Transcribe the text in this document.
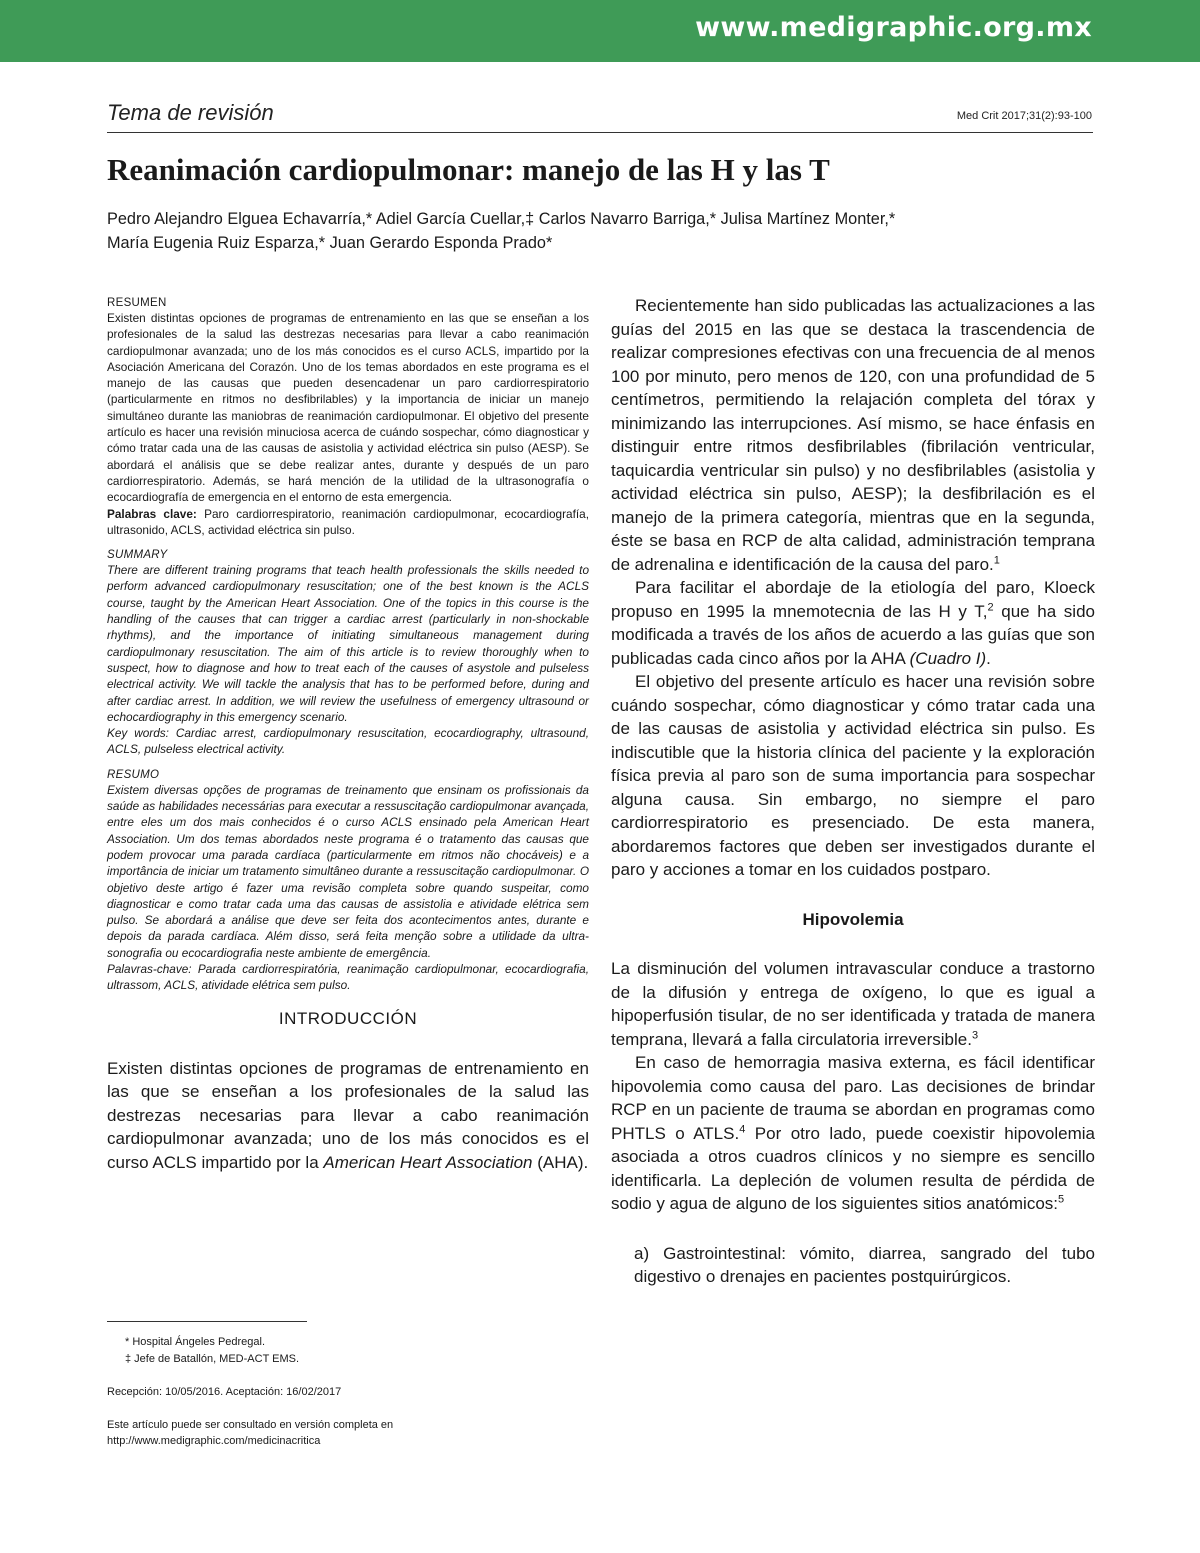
www.medigraphic.org.mx
Tema de revisión	Med Crit 2017;31(2):93-100
Reanimación cardiopulmonar: manejo de las H y las T
Pedro Alejandro Elguea Echavarría,* Adiel García Cuellar,‡ Carlos Navarro Barriga,* Julisa Martínez Monter,*
María Eugenia Ruiz Esparza,* Juan Gerardo Esponda Prado*
RESUMEN
Existen distintas opciones de programas de entrenamiento en las que se enseñan a los profesionales de la salud las destrezas necesarias para llevar a cabo reanimación cardiopulmonar avanzada; uno de los más conocidos es el curso ACLS, impartido por la Asociación Americana del Corazón. Uno de los temas abordados en este programa es el manejo de las causas que pueden desencadenar un paro cardiorrespiratorio (particularmente en ritmos no desfibrilables) y la importancia de iniciar un manejo simultáneo durante las maniobras de reanimación cardiopulmonar. El objetivo del presente artículo es hacer una revisión minuciosa acerca de cuándo sospechar, cómo diagnosticar y cómo tratar cada una de las causas de asistolia y actividad eléctrica sin pulso (AESP). Se abordará el análisis que se debe realizar antes, durante y después de un paro cardiorrespiratorio. Además, se hará mención de la utilidad de la ultrasonografía o ecocardiografía de emergencia en el entorno de esta emergencia.
Palabras clave: Paro cardiorrespiratorio, reanimación cardiopulmonar, ecocardiografía, ultrasonido, ACLS, actividad eléctrica sin pulso.
SUMMARY
There are different training programs that teach health professionals the skills needed to perform advanced cardiopulmonary resuscitation; one of the best known is the ACLS course, taught by the American Heart Association. One of the topics in this course is the handling of the causes that can trigger a cardiac arrest (particularly in non-shockable rhythms), and the importance of initiating simultaneous management during cardiopulmonary resuscitation. The aim of this article is to review thoroughly when to suspect, how to diagnose and how to treat each of the causes of asystole and pulseless electrical activity. We will tackle the analysis that has to be performed before, during and after cardiac arrest. In addition, we will review the usefulness of emergency ultrasound or echocardiography in this emergency scenario.
Key words: Cardiac arrest, cardiopulmonary resuscitation, ecocardiography, ultrasound, ACLS, pulseless electrical activity.
RESUMO
Existem diversas opções de programas de treinamento que ensinam os profissionais da saúde as habilidades necessárias para executar a ressuscitação cardiopulmonar avançada, entre eles um dos mais conhecidos é o curso ACLS ensinado pela American Heart Association. Um dos temas abordados neste programa é o tratamento das causas que podem provocar uma parada cardíaca (particularmente em ritmos não chocáveis) e a importância de iniciar um tratamento simultâneo durante a ressuscitação cardiopulmonar. O objetivo deste artigo é fazer uma revisão completa sobre quando suspeitar, como diagnosticar e como tratar cada uma das causas de assistolia e atividade elétrica sem pulso. Se abordará a análise que deve ser feita dos acontecimentos antes, durante e depois da parada cardíaca. Além disso, será feita menção sobre a utilidade da ultra-sonografia ou ecocardiografia neste ambiente de emergência.
Palavras-chave: Parada cardiorrespiratória, reanimação cardiopulmonar, ecocardiografia, ultrassom, ACLS, atividade elétrica sem pulso.
INTRODUCCIÓN

Existen distintas opciones de programas de entrenamiento en las que se enseñan a los profesionales de la salud las destrezas necesarias para llevar a cabo reanimación cardiopulmonar avanzada; uno de los más conocidos es el curso ACLS impartido por la American Heart Association (AHA).

* Hospital Ángeles Pedregal.
‡ Jefe de Batallón, MED-ACT EMS.
Recepción: 10/05/2016. Aceptación: 16/02/2017
Este artículo puede ser consultado en versión completa en
http://www.medigraphic.com/medicinacritica

Recientemente han sido publicadas las actualizaciones a las guías del 2015 en las que se destaca la trascendencia de realizar compresiones efectivas con una frecuencia de al menos 100 por minuto, pero menos de 120, con una profundidad de 5 centímetros, permitiendo la relajación completa del tórax y minimizando las interrupciones. Así mismo, se hace énfasis en distinguir entre ritmos desfibrilables (fibrilación ventricular, taquicardia ventricular sin pulso) y no desfibrilables (asistolia y actividad eléctrica sin pulso, AESP); la desfibrilación es el manejo de la primera categoría, mientras que en la segunda, éste se basa en RCP de alta calidad, administración temprana de adrenalina e identificación de la causa del paro.$^1$

Para facilitar el abordaje de la etiología del paro, Kloeck propuso en 1995 la mnemotecnia de las H y T,$^2$ que ha sido modificada a través de los años de acuerdo a las guías que son publicadas cada cinco años por la AHA (Cuadro I).

El objetivo del presente artículo es hacer una revisión sobre cuándo sospechar, cómo diagnosticar y cómo tratar cada una de las causas de asistolia y actividad eléctrica sin pulso. Es indiscutible que la historia clínica del paciente y la exploración física previa al paro son de suma importancia para sospechar alguna causa. Sin embargo, no siempre el paro cardiorrespiratorio es presenciado. De esta manera, abordaremos factores que deben ser investigados durante el paro y acciones a tomar en los cuidados postparo.

Hipovolemia

La disminución del volumen intravascular conduce a trastorno de la difusión y entrega de oxígeno, lo que es igual a hipoperfusión tisular, de no ser identificada y tratada de manera temprana, llevará a falla circulatoria irreversible.$^3$

En caso de hemorragia masiva externa, es fácil identificar hipovolemia como causa del paro. Las decisiones de brindar RCP en un paciente de trauma se abordan en programas como PHTLS o ATLS.$^4$ Por otro lado, puede coexistir hipovolemia asociada a otros cuadros clínicos y no siempre es sencillo identificarla. La depleción de volumen resulta de pérdida de sodio y agua de alguno de los siguientes sitios anatómicos:$^5$

a) Gastrointestinal: vómito, diarrea, sangrado del tubo digestivo o drenajes en pacientes postquirúrgicos.
